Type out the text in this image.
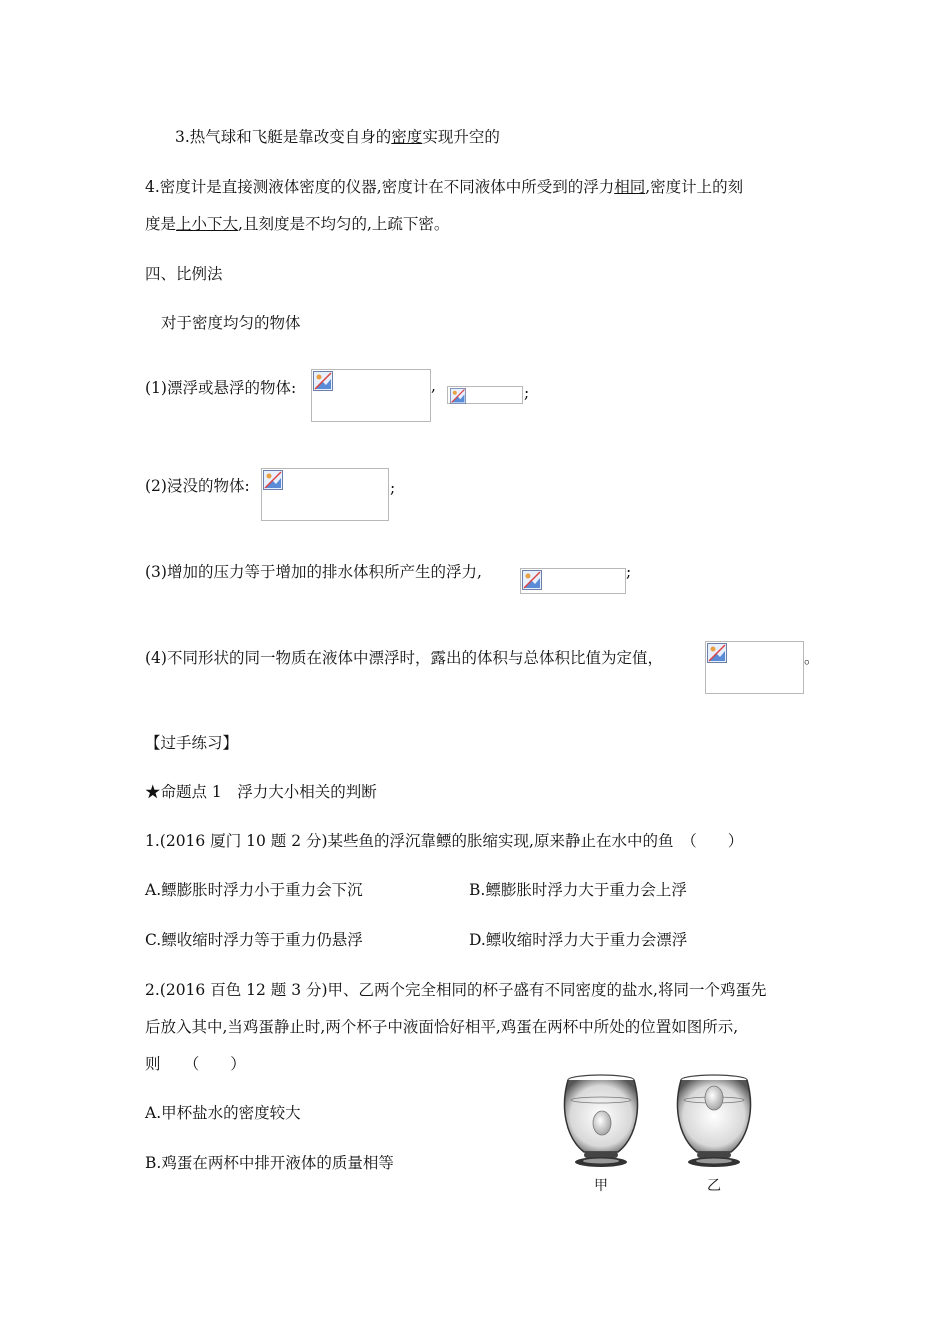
3.热气球和飞艇是靠改变自身的密度实现升空的
4.密度计是直接测液体密度的仪器,密度计在不同液体中所受到的浮力相同,密度计上的刻
度是上小下大,且刻度是不均匀的,上疏下密。
四、比例法
对于密度均匀的物体
(1)漂浮或悬浮的物体:	,	;
(2)浸没的物体:	;
(3)增加的压力等于增加的排水体积所产生的浮力,	;
(4)不同形状的同一物质在液体中漂浮时，露出的体积与总体积比值为定值，	。
【过手练习】
★命题点 1　浮力大小相关的判断
1.(2016 厦门 10 题 2 分)某些鱼的浮沉靠鳔的胀缩实现,原来静止在水中的鱼　（　　）
A.鳔膨胀时浮力小于重力会下沉	B.鳔膨胀时浮力大于重力会上浮
C.鳔收缩时浮力等于重力仍悬浮	D.鳔收缩时浮力大于重力会漂浮
2.(2016 百色 12 题 3 分)甲、乙两个完全相同的杯子盛有不同密度的盐水,将同一个鸡蛋先
后放入其中,当鸡蛋静止时,两个杯子中液面恰好相平,鸡蛋在两杯中所处的位置如图所示,
则　　（　　）
A.甲杯盐水的密度较大
B.鸡蛋在两杯中排开液体的质量相等
甲	乙
